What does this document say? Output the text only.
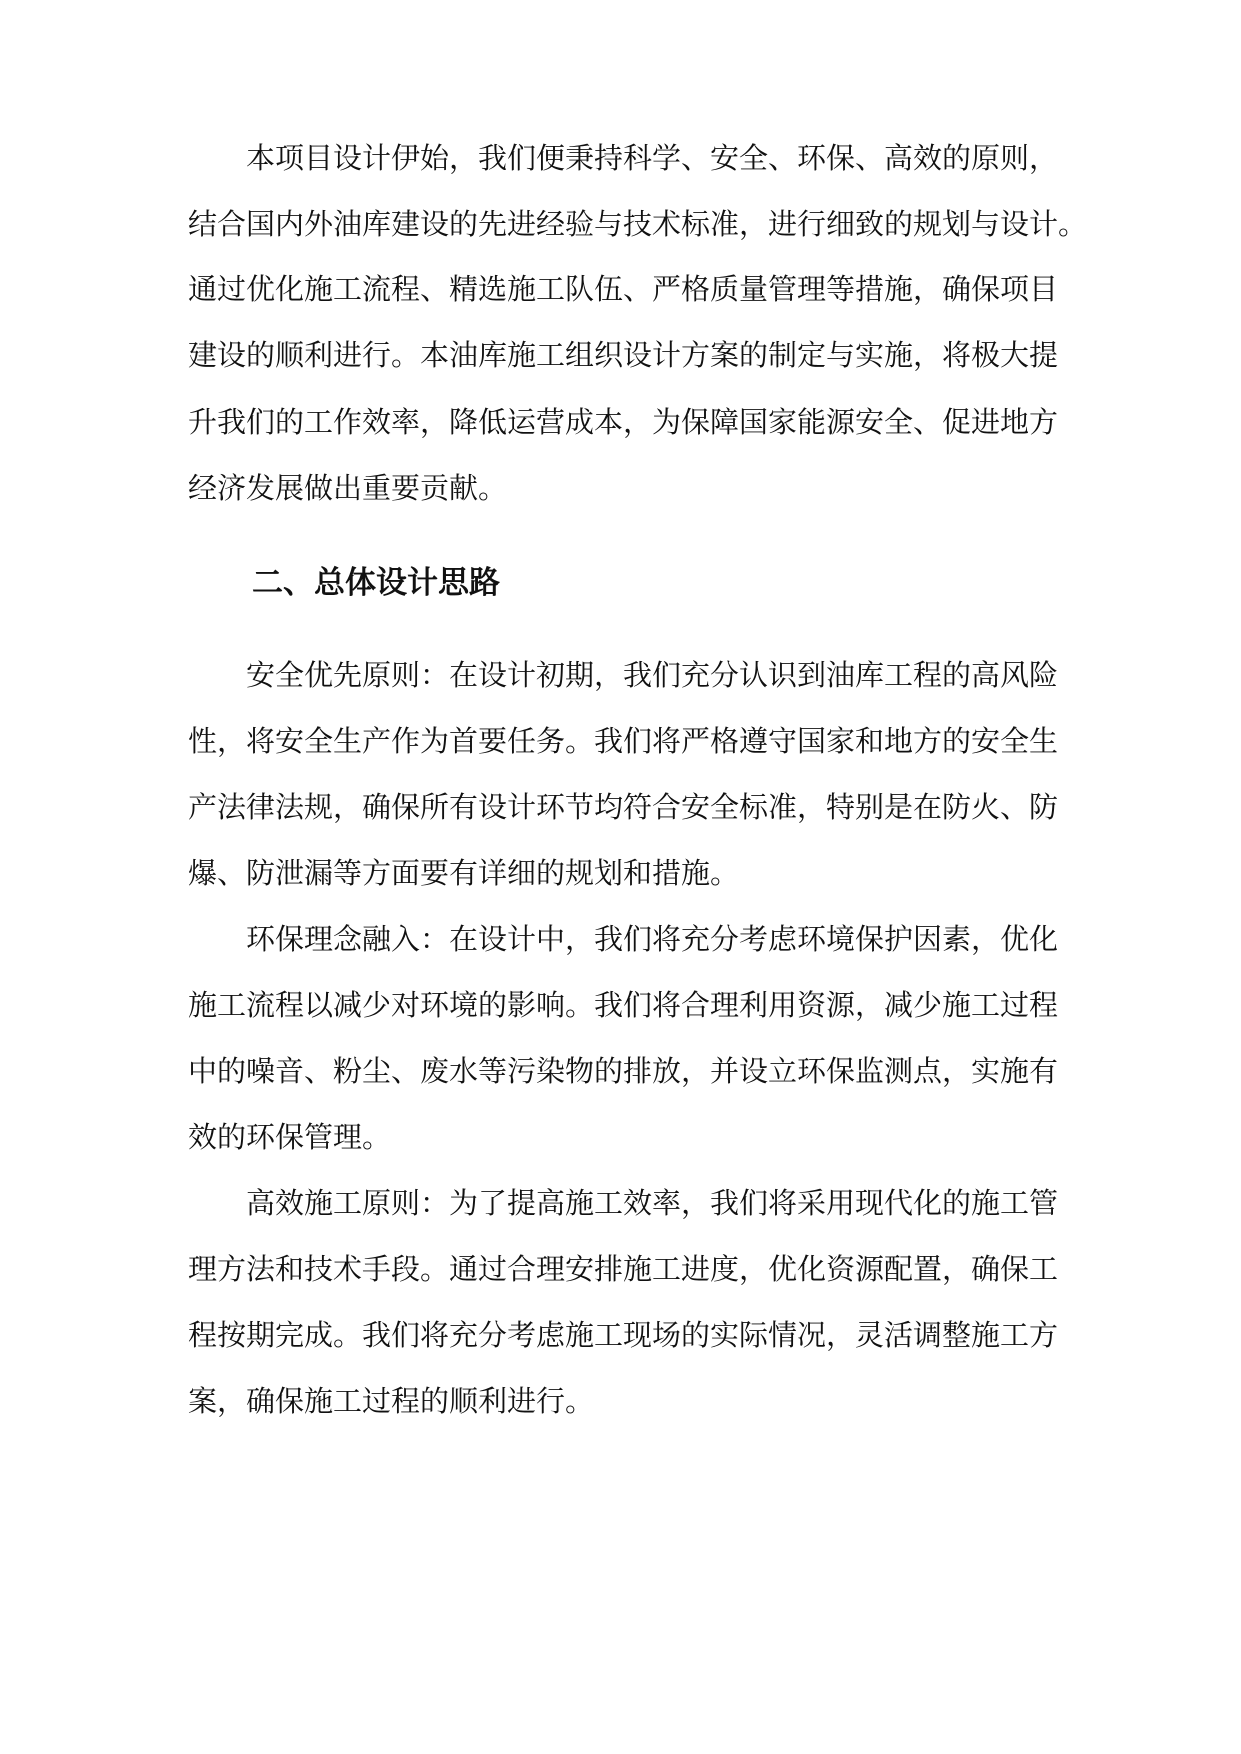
本项目设计伊始，我们便秉持科学、安全、环保、高效的原则，
结合国内外油库建设的先进经验与技术标准，进行细致的规划与设计。
通过优化施工流程、精选施工队伍、严格质量管理等措施，确保项目
建设的顺利进行。本油库施工组织设计方案的制定与实施，将极大提
升我们的工作效率，降低运营成本，为保障国家能源安全、促进地方
经济发展做出重要贡献。
二、总体设计思路
安全优先原则：在设计初期，我们充分认识到油库工程的高风险
性，将安全生产作为首要任务。我们将严格遵守国家和地方的安全生
产法律法规，确保所有设计环节均符合安全标准，特别是在防火、防
爆、防泄漏等方面要有详细的规划和措施。
环保理念融入：在设计中，我们将充分考虑环境保护因素，优化
施工流程以减少对环境的影响。我们将合理利用资源，减少施工过程
中的噪音、粉尘、废水等污染物的排放，并设立环保监测点，实施有
效的环保管理。
高效施工原则：为了提高施工效率，我们将采用现代化的施工管
理方法和技术手段。通过合理安排施工进度，优化资源配置，确保工
程按期完成。我们将充分考虑施工现场的实际情况，灵活调整施工方
案，确保施工过程的顺利进行。
